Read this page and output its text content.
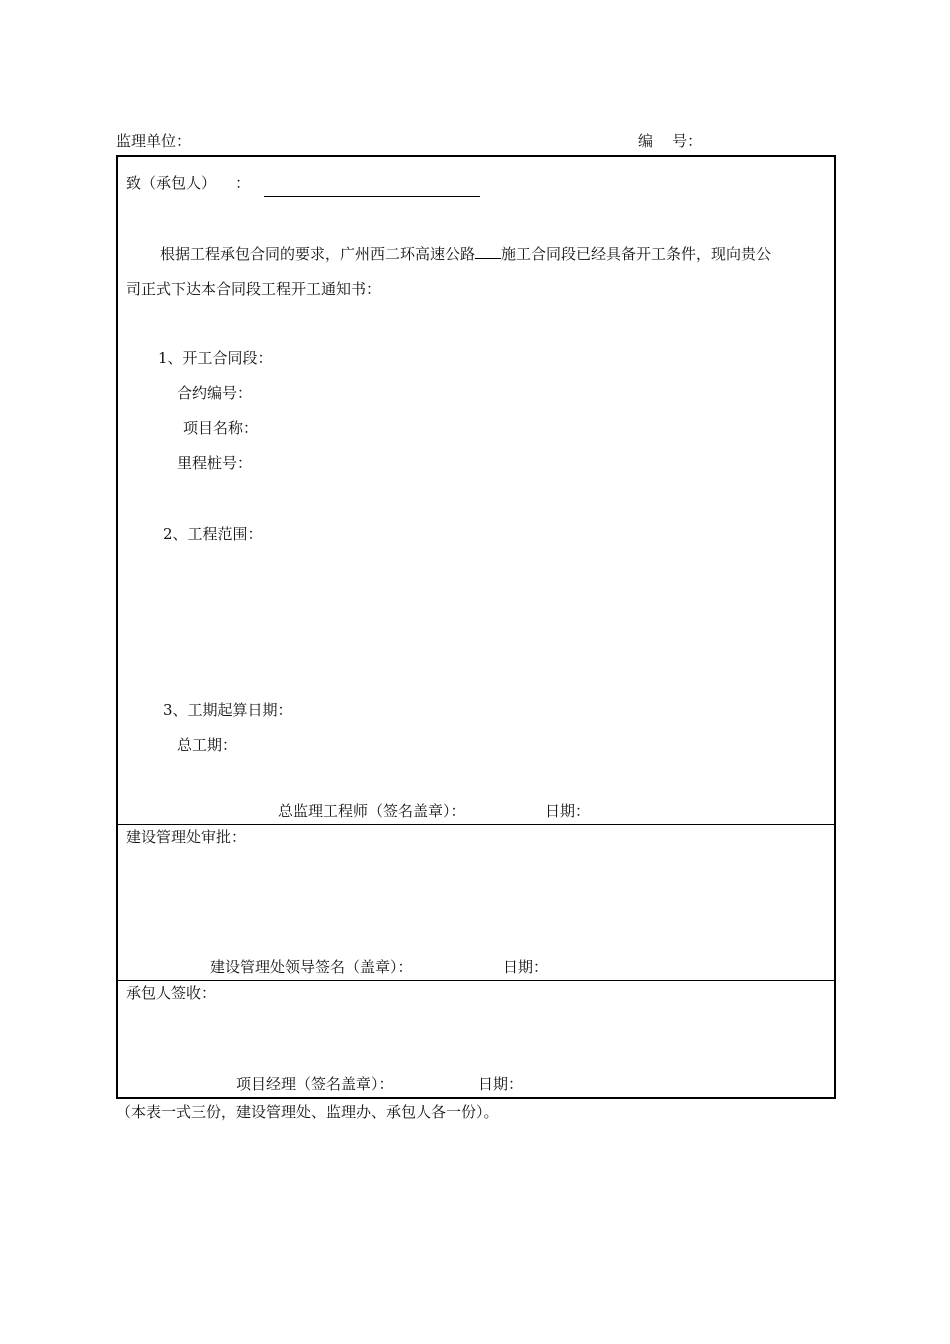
监理单位：	编    号：
致（承包人）    ：
根据工程承包合同的要求，广州西二环高速公路 施工合同段已经具备开工条件，现向贵公
司正式下达本合同段工程开工通知书：
1、开工合同段：
合约编号：
项目名称：
里程桩号：
2、工程范围：
3、工期起算日期：
总工期：
总监理工程师（签名盖章）：	日期：
建设管理处审批：
建设管理处领导签名（盖章）：	日期：
承包人签收：
项目经理（签名盖章）：	日期：
（本表一式三份，建设管理处、监理办、承包人各一份）。
